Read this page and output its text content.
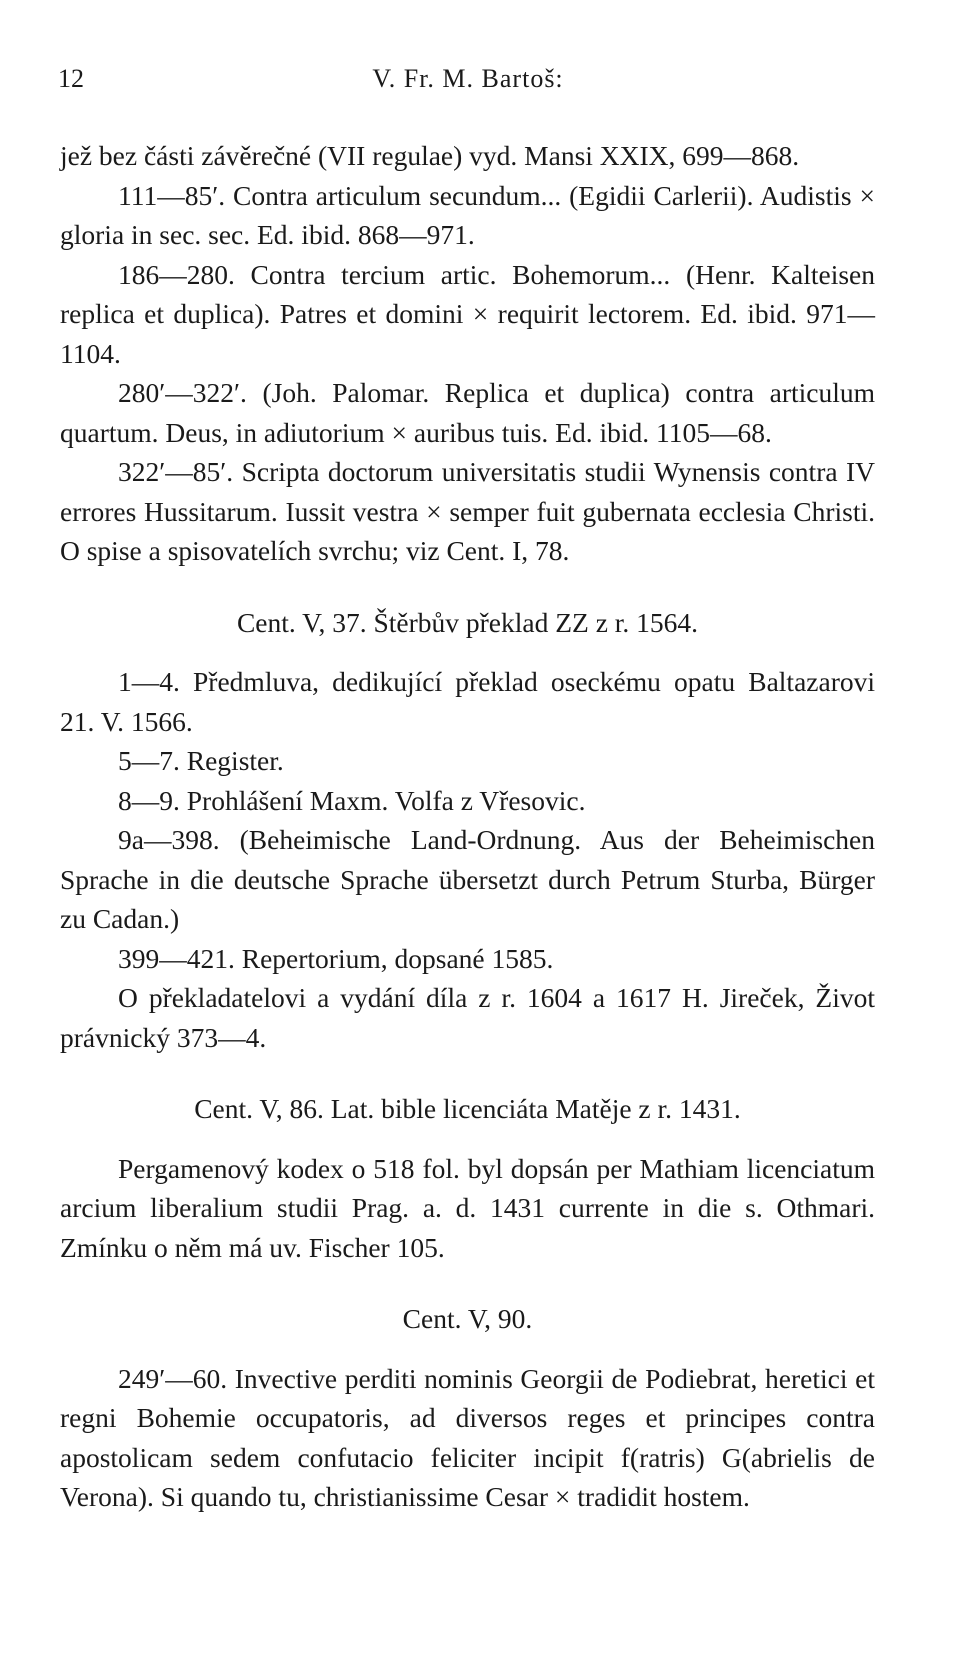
12	V. Fr. M. Bartoš:

jež bez části závěrečné (VII regulae) vyd. Mansi XXIX, 699—868.

111—85′. Contra articulum secundum... (Egidii Carlerii). Audistis × gloria in sec. sec. Ed. ibid. 868—971.

186—280. Contra tercium artic. Bohemorum... (Henr. Kalteisen replica et duplica). Patres et domini × requirit lectorem. Ed. ibid. 971—1104.

280′—322′. (Joh. Palomar. Replica et duplica) contra articulum quartum. Deus, in adiutorium × auribus tuis. Ed. ibid. 1105—68.

322′—85′. Scripta doctorum universitatis studii Wynensis contra IV errores Hussitarum. Iussit vestra × semper fuit gubernata ecclesia Christi. O spise a spisovatelích svrchu; viz Cent. I, 78.

Cent. V, 37. Štěrbův překlad ZZ z r. 1564.

1—4. Předmluva, dedikující překlad oseckému opatu Baltazarovi 21. V. 1566.

5—7. Register.

8—9. Prohlášení Maxm. Volfa z Vřesovic.

9a—398. (Beheimische Land-Ordnung. Aus der Beheimischen Sprache in die deutsche Sprache übersetzt durch Petrum Sturba, Bürger zu Cadan.)

399—421. Repertorium, dopsané 1585.

O překladatelovi a vydání díla z r. 1604 a 1617 H. Jireček, Život právnický 373—4.

Cent. V, 86. Lat. bible licenciáta Matěje z r. 1431.

Pergamenový kodex o 518 fol. byl dopsán per Mathiam licenciatum arcium liberalium studii Prag. a. d. 1431 currente in die s. Othmari. Zmínku o něm má uv. Fischer 105.

Cent. V, 90.

249′—60. Invective perditi nominis Georgii de Podiebrat, heretici et regni Bohemie occupatoris, ad diversos reges et principes contra apostolicam sedem confutacio feliciter incipit f(ratris) G(abrielis de Verona). Si quando tu, christianissime Cesar × tradidit hostem.
